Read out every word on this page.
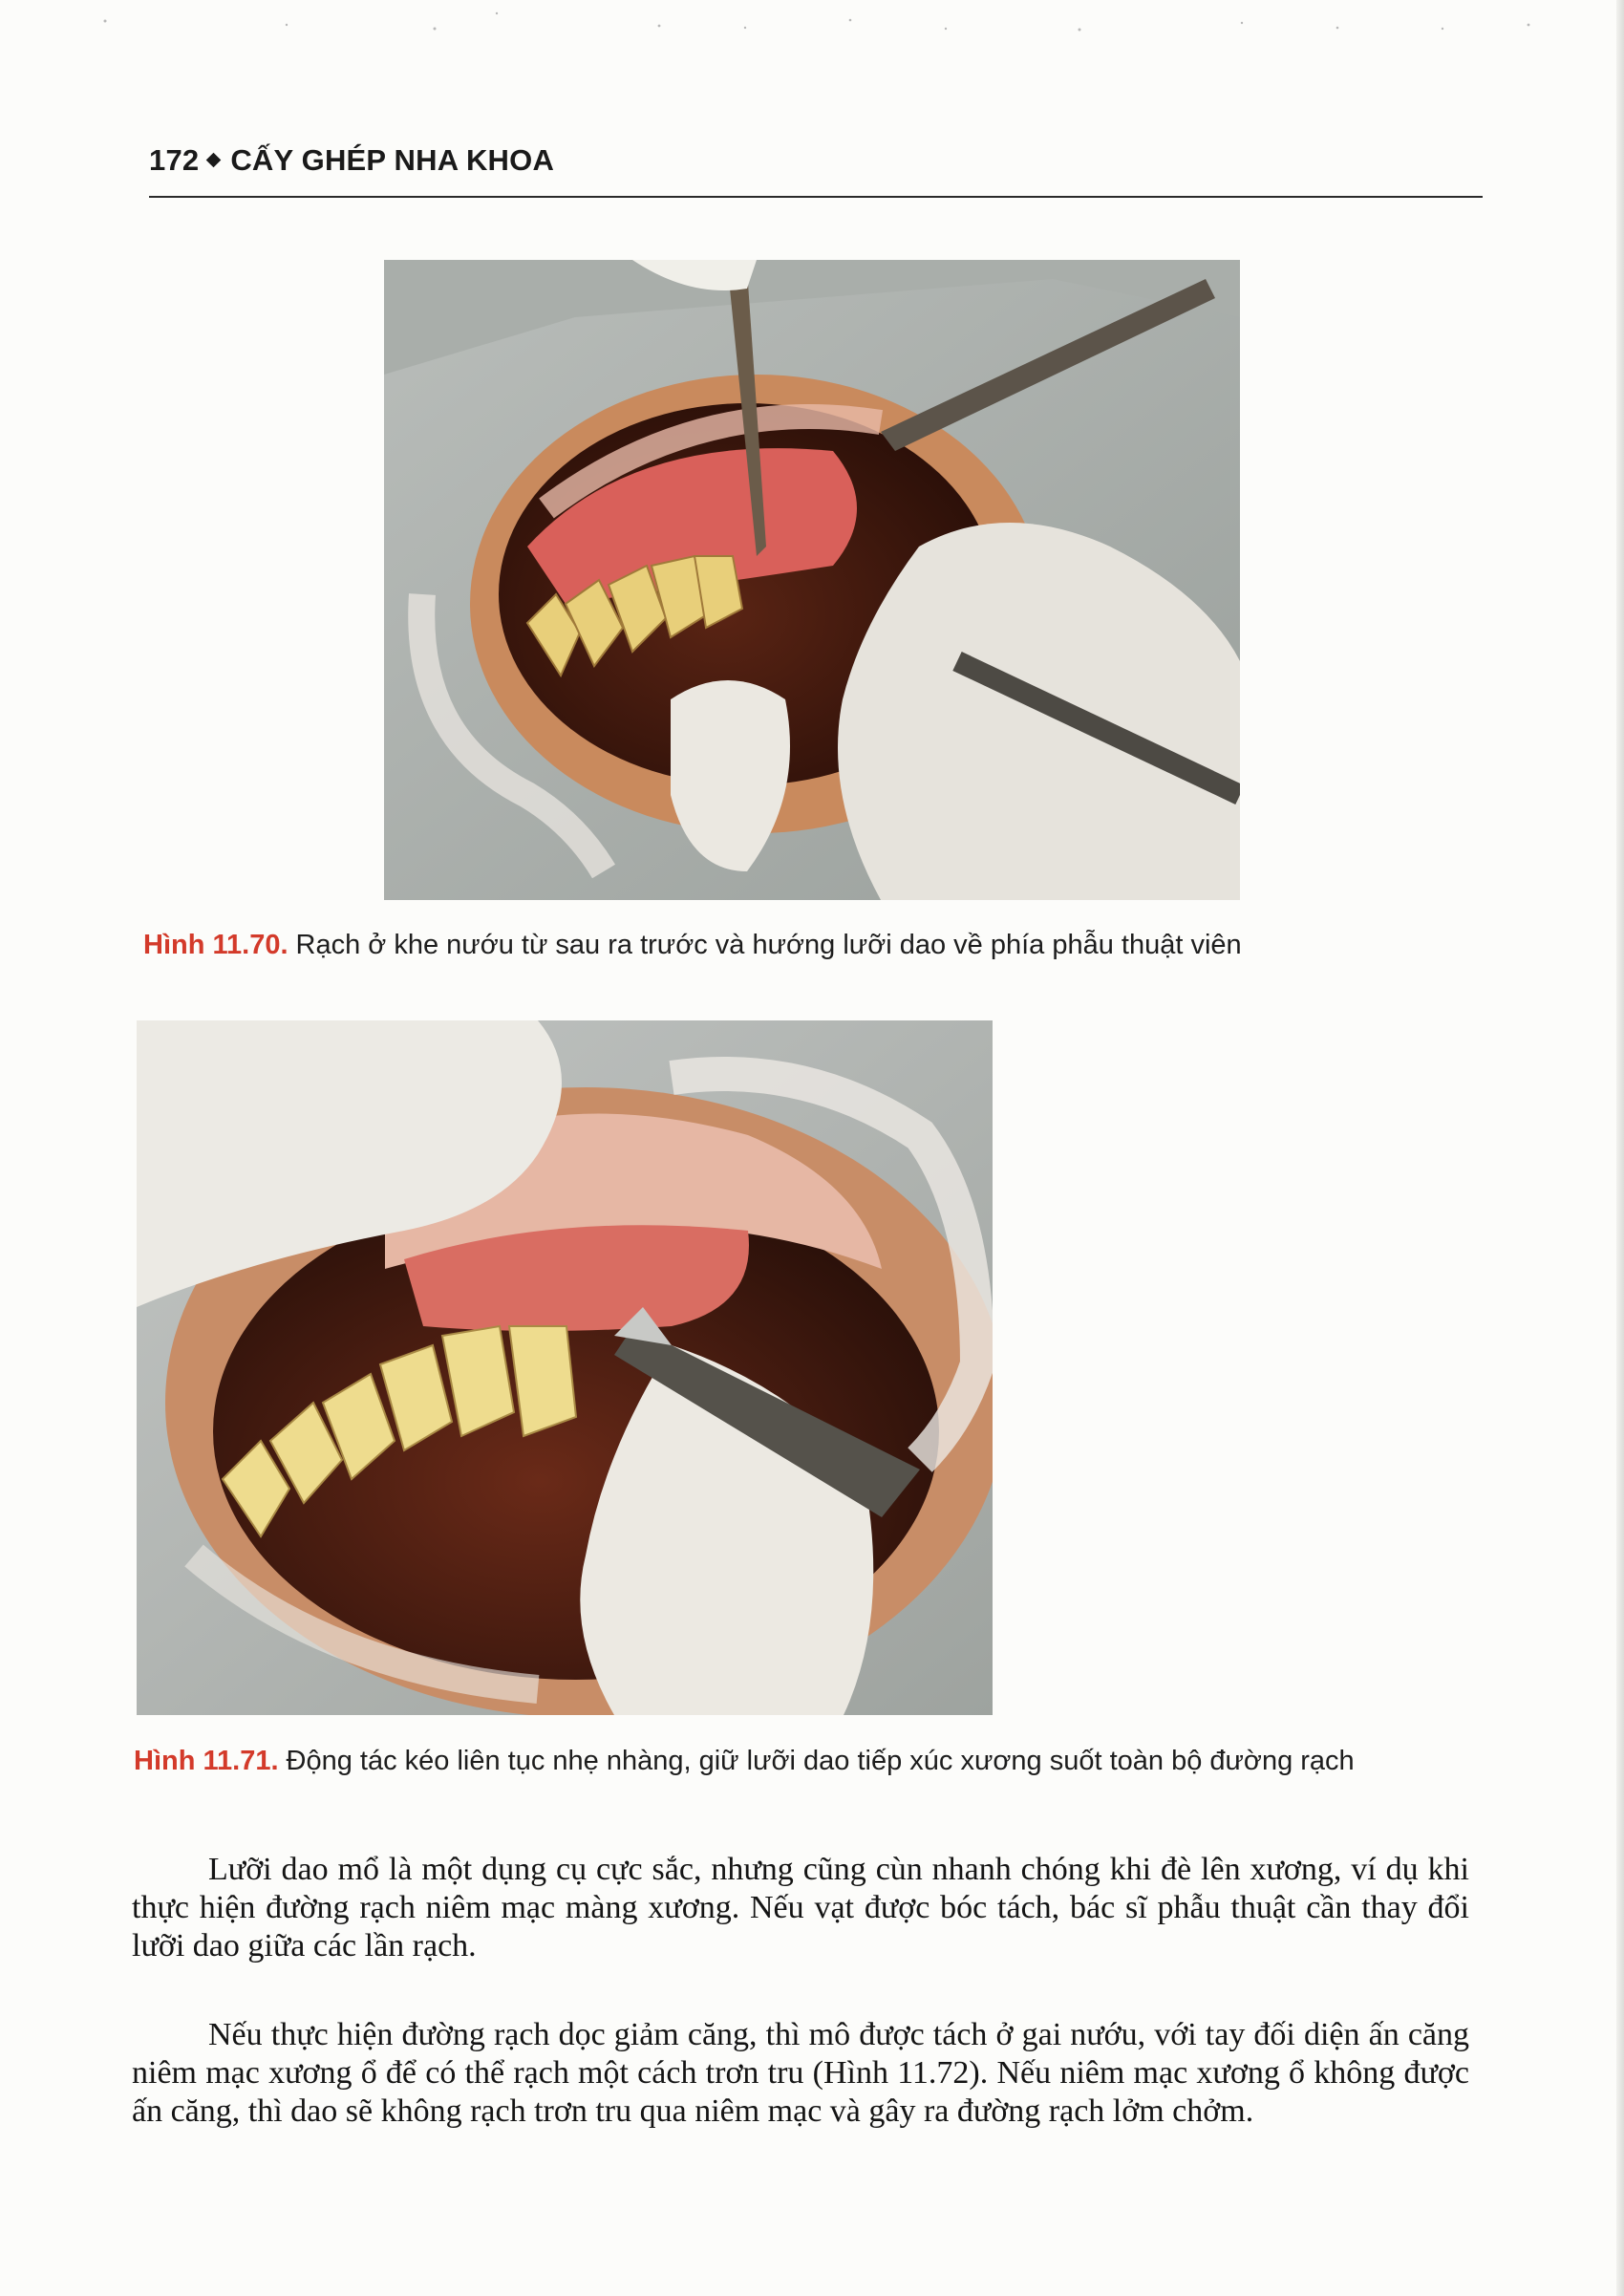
172 CẤY GHÉP NHA KHOA
Hình 11.70. Rạch ở khe nướu từ sau ra trước và hướng lưỡi dao về phía phẫu thuật viên
Hình 11.71. Động tác kéo liên tục nhẹ nhàng, giữ lưỡi dao tiếp xúc xương suốt toàn bộ đường rạch

Lưỡi dao mổ là một dụng cụ cực sắc, nhưng cũng cùn nhanh chóng khi đè lên xương, ví dụ khi thực hiện đường rạch niêm mạc màng xương. Nếu vạt được bóc tách, bác sĩ phẫu thuật cần thay đổi lưỡi dao giữa các lần rạch.

Nếu thực hiện đường rạch dọc giảm căng, thì mô được tách ở gai nướu, với tay đối diện ấn căng niêm mạc xương ổ để có thể rạch một cách trơn tru (Hình 11.72). Nếu niêm mạc xương ổ không được ấn căng, thì dao sẽ không rạch trơn tru qua niêm mạc và gây ra đường rạch lởm chởm.
